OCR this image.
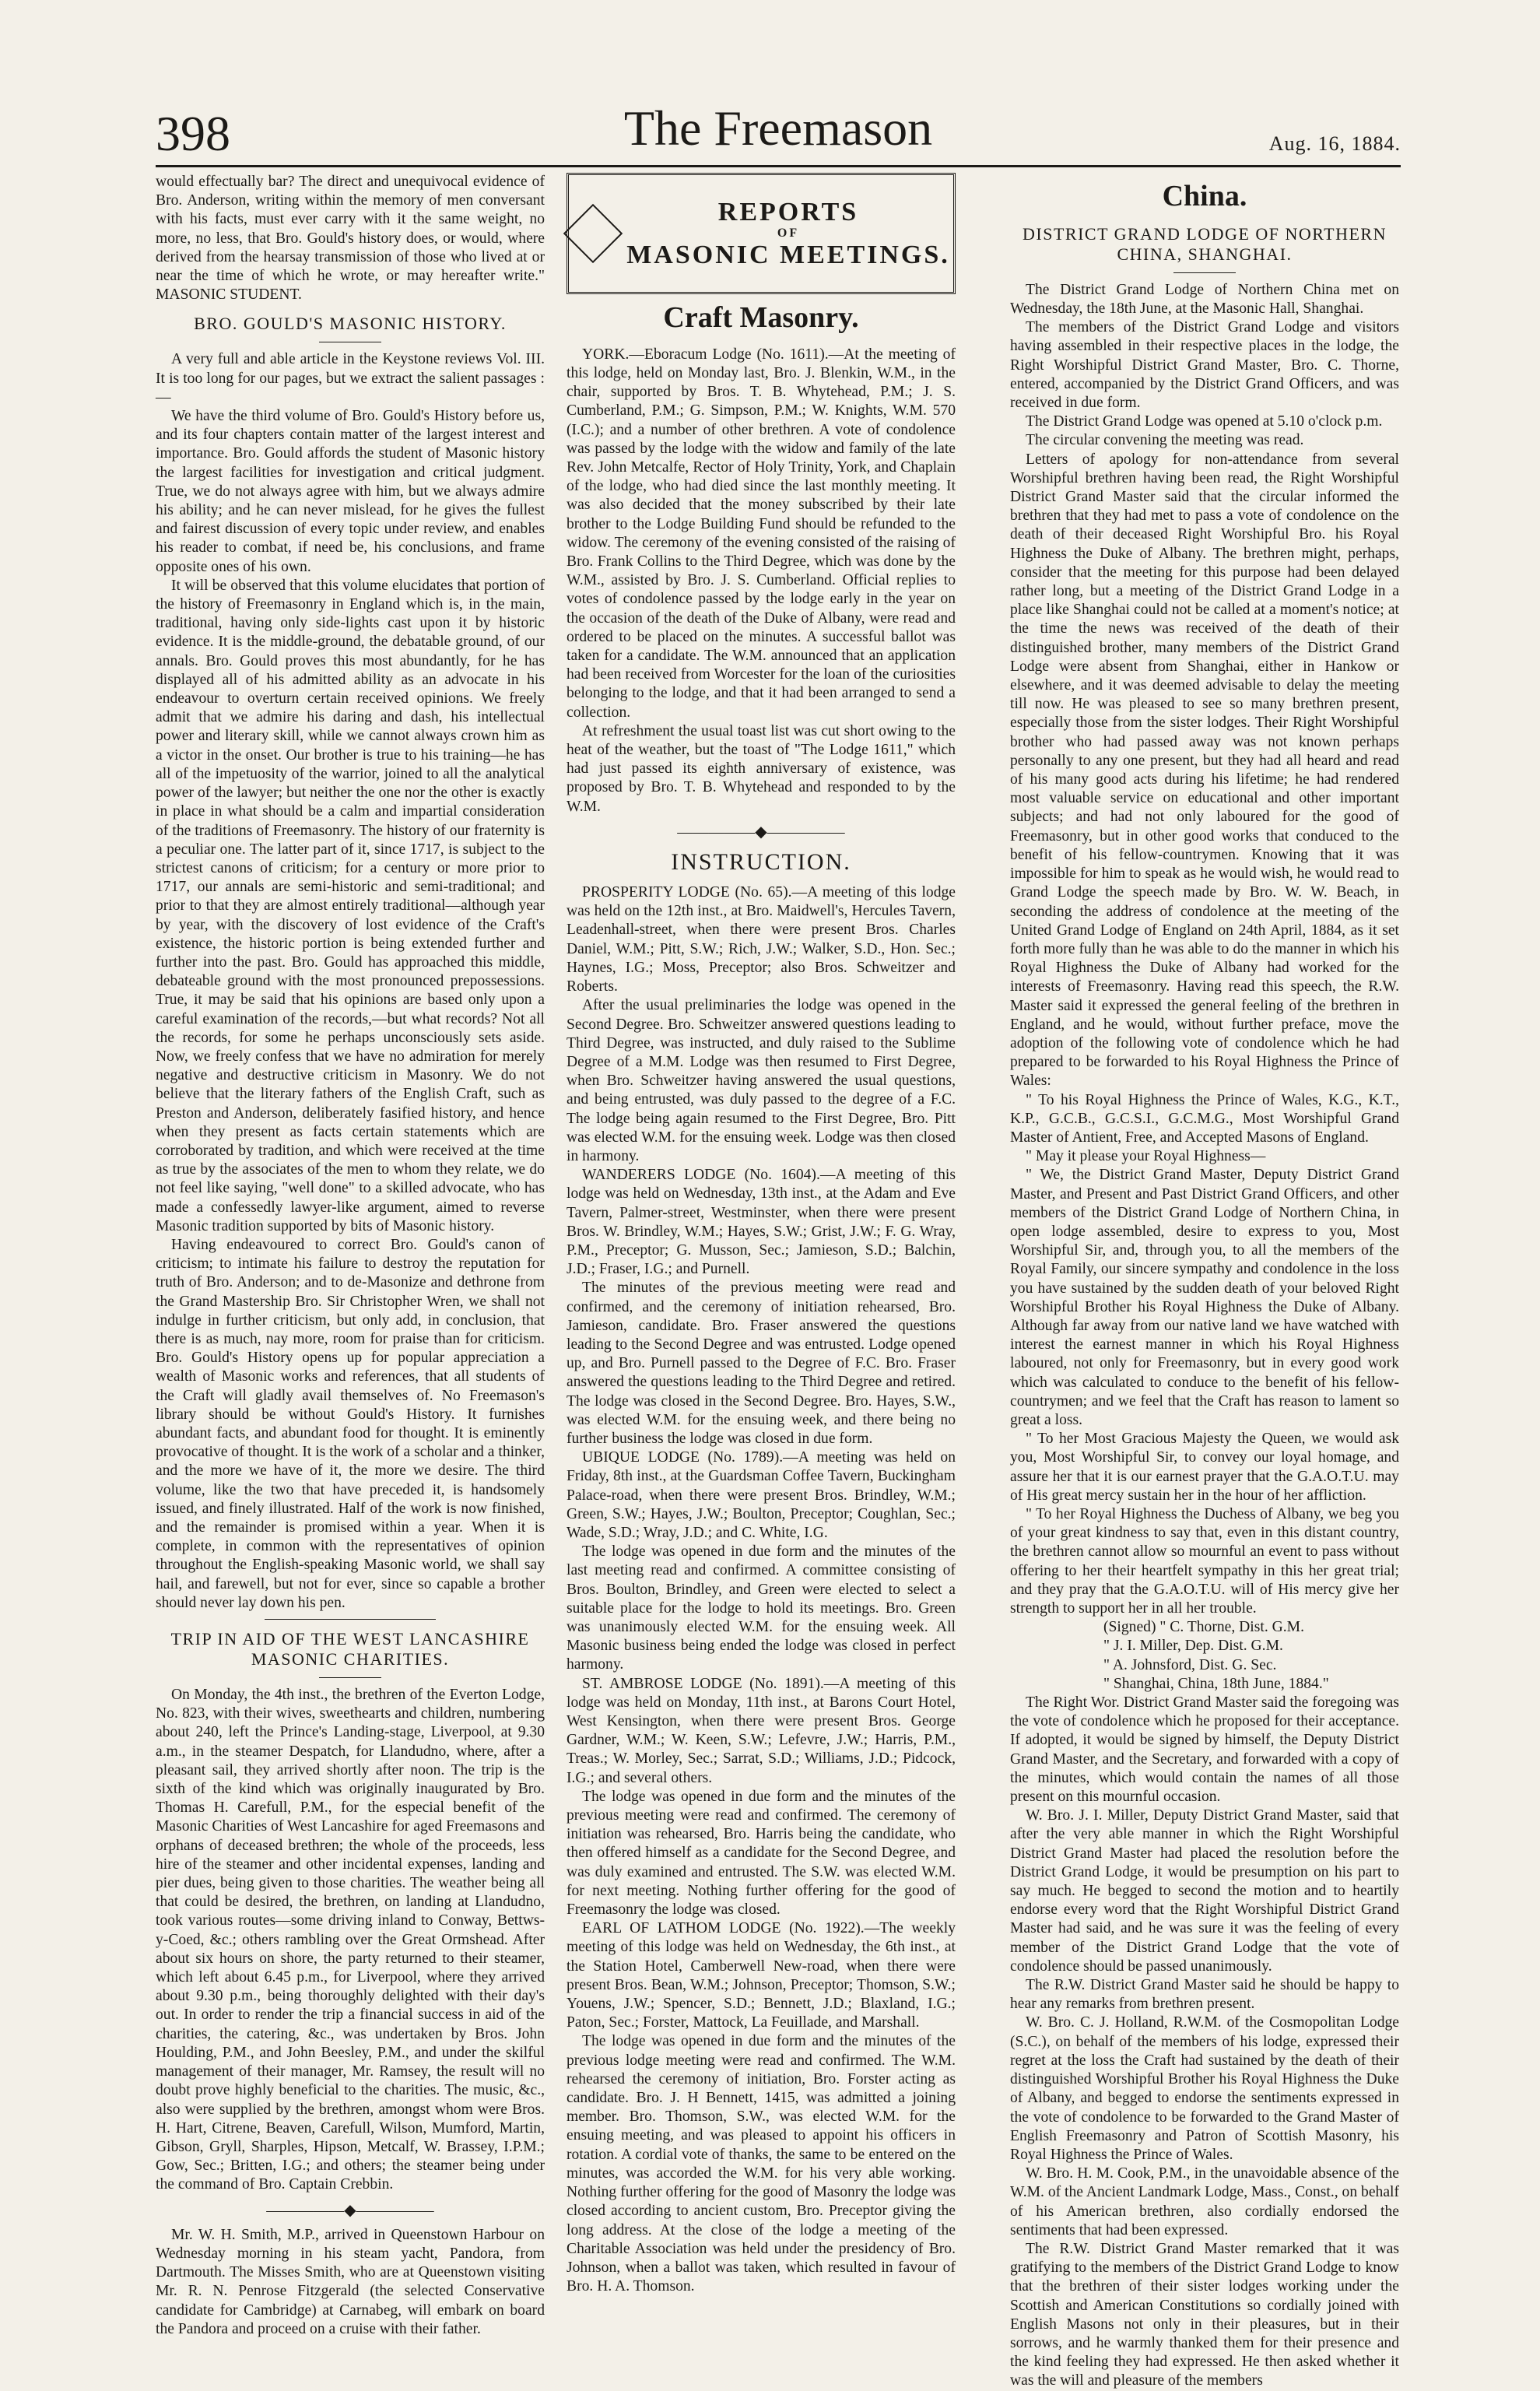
398	The Freemason	Aug. 16, 1884.

would effectually bar? The direct and unequivocal evidence of Bro. Anderson, writing within the memory of men conversant with his facts, must ever carry with it the same weight, no more, no less, that Bro. Gould's history does, or would, where derived from the hearsay transmission of those who lived at or near the time of which he wrote, or may hereafter write." MASONIC STUDENT.

BRO. GOULD'S MASONIC HISTORY.

A very full and able article in the Keystone reviews Vol. III. It is too long for our pages, but we extract the salient passages :—

We have the third volume of Bro. Gould's History before us, and its four chapters contain matter of the largest interest and importance. Bro. Gould affords the student of Masonic history the largest facilities for investigation and critical judgment. True, we do not always agree with him, but we always admire his ability; and he can never mislead, for he gives the fullest and fairest discussion of every topic under review, and enables his reader to combat, if need be, his conclusions, and frame opposite ones of his own.

It will be observed that this volume elucidates that portion of the history of Freemasonry in England which is, in the main, traditional, having only side-lights cast upon it by historic evidence. It is the middle-ground, the debatable ground, of our annals. Bro. Gould proves this most abundantly, for he has displayed all of his admitted ability as an advocate in his endeavour to overturn certain received opinions. We freely admit that we admire his daring and dash, his intellectual power and literary skill, while we cannot always crown him as a victor in the onset. Our brother is true to his training—he has all of the impetuosity of the warrior, joined to all the analytical power of the lawyer; but neither the one nor the other is exactly in place in what should be a calm and impartial consideration of the traditions of Freemasonry. The history of our fraternity is a peculiar one. The latter part of it, since 1717, is subject to the strictest canons of criticism; for a century or more prior to 1717, our annals are semi-historic and semi-traditional; and prior to that they are almost entirely traditional—although year by year, with the discovery of lost evidence of the Craft's existence, the historic portion is being extended further and further into the past. Bro. Gould has approached this middle, debateable ground with the most pronounced prepossessions. True, it may be said that his opinions are based only upon a careful examination of the records,—but what records? Not all the records, for some he perhaps unconsciously sets aside. Now, we freely confess that we have no admiration for merely negative and destructive criticism in Masonry. We do not believe that the literary fathers of the English Craft, such as Preston and Anderson, deliberately fasified history, and hence when they present as facts certain statements which are corroborated by tradition, and which were received at the time as true by the associates of the men to whom they relate, we do not feel like saying, "well done" to a skilled advocate, who has made a confessedly lawyer-like argument, aimed to reverse Masonic tradition supported by bits of Masonic history.

Having endeavoured to correct Bro. Gould's canon of criticism; to intimate his failure to destroy the reputation for truth of Bro. Anderson; and to de-Masonize and dethrone from the Grand Mastership Bro. Sir Christopher Wren, we shall not indulge in further criticism, but only add, in conclusion, that there is as much, nay more, room for praise than for criticism. Bro. Gould's History opens up for popular appreciation a wealth of Masonic works and references, that all students of the Craft will gladly avail themselves of. No Freemason's library should be without Gould's History. It furnishes abundant facts, and abundant food for thought. It is eminently provocative of thought. It is the work of a scholar and a thinker, and the more we have of it, the more we desire. The third volume, like the two that have preceded it, is handsomely issued, and finely illustrated. Half of the work is now finished, and the remainder is promised within a year. When it is complete, in common with the representatives of opinion throughout the English-speaking Masonic world, we shall say hail, and farewell, but not for ever, since so capable a brother should never lay down his pen.

TRIP IN AID OF THE WEST LANCASHIRE MASONIC CHARITIES.

On Monday, the 4th inst., the brethren of the Everton Lodge, No. 823, with their wives, sweethearts and children, numbering about 240, left the Prince's Landing-stage, Liverpool, at 9.30 a.m., in the steamer Despatch, for Llandudno, where, after a pleasant sail, they arrived shortly after noon. The trip is the sixth of the kind which was originally inaugurated by Bro. Thomas H. Carefull, P.M., for the especial benefit of the Masonic Charities of West Lancashire for aged Freemasons and orphans of deceased brethren; the whole of the proceeds, less hire of the steamer and other incidental expenses, landing and pier dues, being given to those charities. The weather being all that could be desired, the brethren, on landing at Llandudno, took various routes—some driving inland to Conway, Bettws-y-Coed, &c.; others rambling over the Great Ormshead. After about six hours on shore, the party returned to their steamer, which left about 6.45 p.m., for Liverpool, where they arrived about 9.30 p.m., being thoroughly delighted with their day's out. In order to render the trip a financial success in aid of the charities, the catering, &c., was undertaken by Bros. John Houlding, P.M., and John Beesley, P.M., and under the skilful management of their manager, Mr. Ramsey, the result will no doubt prove highly beneficial to the charities. The music, &c., also were supplied by the brethren, amongst whom were Bros. H. Hart, Citrene, Beaven, Carefull, Wilson, Mumford, Martin, Gibson, Gryll, Sharples, Hipson, Metcalf, W. Brassey, I.P.M.; Gow, Sec.; Britten, I.G.; and others; the steamer being under the command of Bro. Captain Crebbin.

—————◆—————

Mr. W. H. Smith, M.P., arrived in Queenstown Harbour on Wednesday morning in his steam yacht, Pandora, from Dartmouth. The Misses Smith, who are at Queenstown visiting Mr. R. N. Penrose Fitzgerald (the selected Conservative candidate for Cambridge) at Carnabeg, will embark on board the Pandora and proceed on a cruise with their father.

REPORTS
OF
MASONIC MEETINGS.
Craft Masonry.

YORK.—Eboracum Lodge (No. 1611).—At the meeting of this lodge, held on Monday last, Bro. J. Blenkin, W.M., in the chair, supported by Bros. T. B. Whytehead, P.M.; J. S. Cumberland, P.M.; G. Simpson, P.M.; W. Knights, W.M. 570 (I.C.); and a number of other brethren. A vote of condolence was passed by the lodge with the widow and family of the late Rev. John Metcalfe, Rector of Holy Trinity, York, and Chaplain of the lodge, who had died since the last monthly meeting. It was also decided that the money subscribed by their late brother to the Lodge Building Fund should be refunded to the widow. The ceremony of the evening consisted of the raising of Bro. Frank Collins to the Third Degree, which was done by the W.M., assisted by Bro. J. S. Cumberland. Official replies to votes of condolence passed by the lodge early in the year on the occasion of the death of the Duke of Albany, were read and ordered to be placed on the minutes. A successful ballot was taken for a candidate. The W.M. announced that an application had been received from Worcester for the loan of the curiosities belonging to the lodge, and that it had been arranged to send a collection.

At refreshment the usual toast list was cut short owing to the heat of the weather, but the toast of "The Lodge 1611," which had just passed its eighth anniversary of existence, was proposed by Bro. T. B. Whytehead and responded to by the W.M.

—————◆—————
INSTRUCTION.

PROSPERITY LODGE (No. 65).—A meeting of this lodge was held on the 12th inst., at Bro. Maidwell's, Hercules Tavern, Leadenhall-street, when there were present Bros. Charles Daniel, W.M.; Pitt, S.W.; Rich, J.W.; Walker, S.D., Hon. Sec.; Haynes, I.G.; Moss, Preceptor; also Bros. Schweitzer and Roberts.

After the usual preliminaries the lodge was opened in the Second Degree. Bro. Schweitzer answered questions leading to Third Degree, was instructed, and duly raised to the Sublime Degree of a M.M. Lodge was then resumed to First Degree, when Bro. Schweitzer having answered the usual questions, and being entrusted, was duly passed to the degree of a F.C. The lodge being again resumed to the First Degree, Bro. Pitt was elected W.M. for the ensuing week. Lodge was then closed in harmony.

WANDERERS LODGE (No. 1604).—A meeting of this lodge was held on Wednesday, 13th inst., at the Adam and Eve Tavern, Palmer-street, Westminster, when there were present Bros. W. Brindley, W.M.; Hayes, S.W.; Grist, J.W.; F. G. Wray, P.M., Preceptor; G. Musson, Sec.; Jamieson, S.D.; Balchin, J.D.; Fraser, I.G.; and Purnell.

The minutes of the previous meeting were read and confirmed, and the ceremony of initiation rehearsed, Bro. Jamieson, candidate. Bro. Fraser answered the questions leading to the Second Degree and was entrusted. Lodge opened up, and Bro. Purnell passed to the Degree of F.C. Bro. Fraser answered the questions leading to the Third Degree and retired. The lodge was closed in the Second Degree. Bro. Hayes, S.W., was elected W.M. for the ensuing week, and there being no further business the lodge was closed in due form.

UBIQUE LODGE (No. 1789).—A meeting was held on Friday, 8th inst., at the Guardsman Coffee Tavern, Buckingham Palace-road, when there were present Bros. Brindley, W.M.; Green, S.W.; Hayes, J.W.; Boulton, Preceptor; Coughlan, Sec.; Wade, S.D.; Wray, J.D.; and C. White, I.G.

The lodge was opened in due form and the minutes of the last meeting read and confirmed. A committee consisting of Bros. Boulton, Brindley, and Green were elected to select a suitable place for the lodge to hold its meetings. Bro. Green was unanimously elected W.M. for the ensuing week. All Masonic business being ended the lodge was closed in perfect harmony.

ST. AMBROSE LODGE (No. 1891).—A meeting of this lodge was held on Monday, 11th inst., at Barons Court Hotel, West Kensington, when there were present Bros. George Gardner, W.M.; W. Keen, S.W.; Lefevre, J.W.; Harris, P.M., Treas.; W. Morley, Sec.; Sarrat, S.D.; Williams, J.D.; Pidcock, I.G.; and several others.

The lodge was opened in due form and the minutes of the previous meeting were read and confirmed. The ceremony of initiation was rehearsed, Bro. Harris being the candidate, who then offered himself as a candidate for the Second Degree, and was duly examined and entrusted. The S.W. was elected W.M. for next meeting. Nothing further offering for the good of Freemasonry the lodge was closed.

EARL OF LATHOM LODGE (No. 1922).—The weekly meeting of this lodge was held on Wednesday, the 6th inst., at the Station Hotel, Camberwell New-road, when there were present Bros. Bean, W.M.; Johnson, Preceptor; Thomson, S.W.; Youens, J.W.; Spencer, S.D.; Bennett, J.D.; Blaxland, I.G.; Paton, Sec.; Forster, Mattock, La Feuillade, and Marshall.

The lodge was opened in due form and the minutes of the previous lodge meeting were read and confirmed. The W.M. rehearsed the ceremony of initiation, Bro. Forster acting as candidate. Bro. J. H Bennett, 1415, was admitted a joining member. Bro. Thomson, S.W., was elected W.M. for the ensuing meeting, and was pleased to appoint his officers in rotation. A cordial vote of thanks, the same to be entered on the minutes, was accorded the W.M. for his very able working. Nothing further offering for the good of Masonry the lodge was closed according to ancient custom, Bro. Preceptor giving the long address. At the close of the lodge a meeting of the Charitable Association was held under the presidency of Bro. Johnson, when a ballot was taken, which resulted in favour of Bro. H. A. Thomson.

China.
DISTRICT GRAND LODGE OF NORTHERN CHINA, SHANGHAI.

The District Grand Lodge of Northern China met on Wednesday, the 18th June, at the Masonic Hall, Shanghai.

The members of the District Grand Lodge and visitors having assembled in their respective places in the lodge, the Right Worshipful District Grand Master, Bro. C. Thorne, entered, accompanied by the District Grand Officers, and was received in due form.

The District Grand Lodge was opened at 5.10 o'clock p.m.

The circular convening the meeting was read.

Letters of apology for non-attendance from several Worshipful brethren having been read, the Right Worshipful District Grand Master said that the circular informed the brethren that they had met to pass a vote of condolence on the death of their deceased Right Worshipful Bro. his Royal Highness the Duke of Albany. The brethren might, perhaps, consider that the meeting for this purpose had been delayed rather long, but a meeting of the District Grand Lodge in a place like Shanghai could not be called at a moment's notice; at the time the news was received of the death of their distinguished brother, many members of the District Grand Lodge were absent from Shanghai, either in Hankow or elsewhere, and it was deemed advisable to delay the meeting till now. He was pleased to see so many brethren present, especially those from the sister lodges. Their Right Worshipful brother who had passed away was not known perhaps personally to any one present, but they had all heard and read of his many good acts during his lifetime; he had rendered most valuable service on educational and other important subjects; and had not only laboured for the good of Freemasonry, but in other good works that conduced to the benefit of his fellow-countrymen. Knowing that it was impossible for him to speak as he would wish, he would read to Grand Lodge the speech made by Bro. W. W. Beach, in seconding the address of condolence at the meeting of the United Grand Lodge of England on 24th April, 1884, as it set forth more fully than he was able to do the manner in which his Royal Highness the Duke of Albany had worked for the interests of Freemasonry. Having read this speech, the R.W. Master said it expressed the general feeling of the brethren in England, and he would, without further preface, move the adoption of the following vote of condolence which he had prepared to be forwarded to his Royal Highness the Prince of Wales:

" To his Royal Highness the Prince of Wales, K.G., K.T., K.P., G.C.B., G.C.S.I., G.C.M.G., Most Worshipful Grand Master of Antient, Free, and Accepted Masons of England.

" May it please your Royal Highness—

" We, the District Grand Master, Deputy District Grand Master, and Present and Past District Grand Officers, and other members of the District Grand Lodge of Northern China, in open lodge assembled, desire to express to you, Most Worshipful Sir, and, through you, to all the members of the Royal Family, our sincere sympathy and condolence in the loss you have sustained by the sudden death of your beloved Right Worshipful Brother his Royal Highness the Duke of Albany. Although far away from our native land we have watched with interest the earnest manner in which his Royal Highness laboured, not only for Freemasonry, but in every good work which was calculated to conduce to the benefit of his fellow-countrymen; and we feel that the Craft has reason to lament so great a loss.

" To her Most Gracious Majesty the Queen, we would ask you, Most Worshipful Sir, to convey our loyal homage, and assure her that it is our earnest prayer that the G.A.O.T.U. may of His great mercy sustain her in the hour of her affliction.

" To her Royal Highness the Duchess of Albany, we beg you of your great kindness to say that, even in this distant country, the brethren cannot allow so mournful an event to pass without offering to her their heartfelt sympathy in this her great trial; and they pray that the G.A.O.T.U. will of His mercy give her strength to support her in all her trouble.

(Signed) " C. Thorne, Dist. G.M.

" J. I. Miller, Dep. Dist. G.M.

" A. Johnsford, Dist. G. Sec.

" Shanghai, China, 18th June, 1884."

The Right Wor. District Grand Master said the foregoing was the vote of condolence which he proposed for their acceptance. If adopted, it would be signed by himself, the Deputy District Grand Master, and the Secretary, and forwarded with a copy of the minutes, which would contain the names of all those present on this mournful occasion.

W. Bro. J. I. Miller, Deputy District Grand Master, said that after the very able manner in which the Right Worshipful District Grand Master had placed the resolution before the District Grand Lodge, it would be presumption on his part to say much. He begged to second the motion and to heartily endorse every word that the Right Worshipful District Grand Master had said, and he was sure it was the feeling of every member of the District Grand Lodge that the vote of condolence should be passed unanimously.

The R.W. District Grand Master said he should be happy to hear any remarks from brethren present.

W. Bro. C. J. Holland, R.W.M. of the Cosmopolitan Lodge (S.C.), on behalf of the members of his lodge, expressed their regret at the loss the Craft had sustained by the death of their distinguished Worshipful Brother his Royal Highness the Duke of Albany, and begged to endorse the sentiments expressed in the vote of condolence to be forwarded to the Grand Master of English Freemasonry and Patron of Scottish Masonry, his Royal Highness the Prince of Wales.

W. Bro. H. M. Cook, P.M., in the unavoidable absence of the W.M. of the Ancient Landmark Lodge, Mass., Const., on behalf of his American brethren, also cordially endorsed the sentiments that had been expressed.

The R.W. District Grand Master remarked that it was gratifying to the members of the District Grand Lodge to know that the brethren of their sister lodges working under the Scottish and American Constitutions so cordially joined with English Masons not only in their pleasures, but in their sorrows, and he warmly thanked them for their presence and the kind feeling they had expressed. He then asked whether it was the will and pleasure of the members
